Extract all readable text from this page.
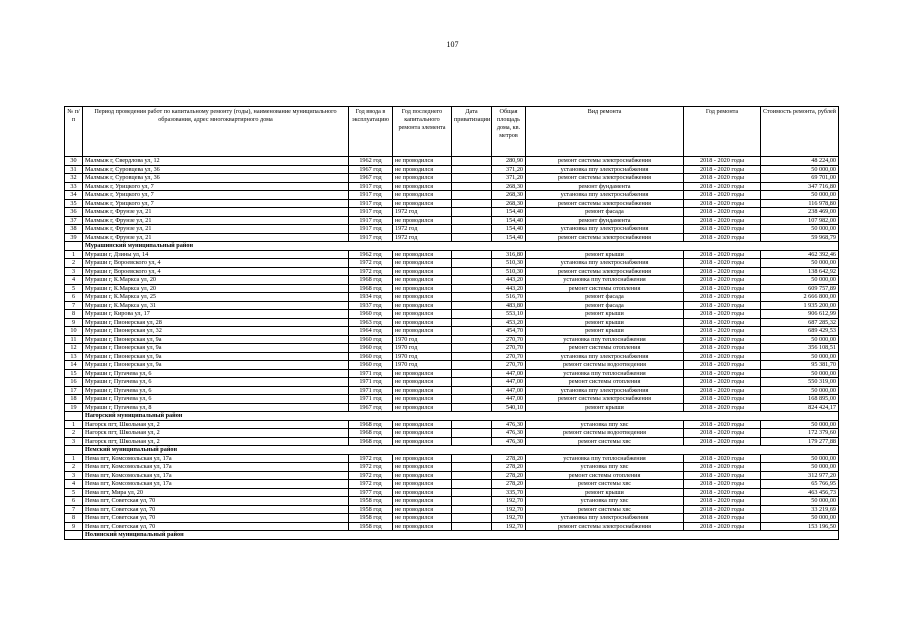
107
№ п/п	Период проведения работ по капитальному ремонту (годы), наименование муниципального образования, адрес многоквартирного дома	Год ввода в эксплуатацию	Год последнего капитального ремонта элемента	Дата приватизации	Общая площадь дома, кв. метров	Вид ремонта	Год ремонта	Стоимость ремонта, рублей
30	Малмыж г, Свердлова ул, 12	1962 год	не проводился		280,90	ремонт системы электроснабжения	2018 - 2020 годы	48 224,00
31	Малмыж г, Суровцева ул, 36	1967 год	не проводился		371,20	установка ппу электроснабжения	2018 - 2020 годы	50 000,00
32	Малмыж г, Суровцева ул, 36	1967 год	не проводился		371,20	ремонт системы электроснабжения	2018 - 2020 годы	69 701,00
33	Малмыж г, Урицкого ул, 7	1917 год	не проводился		268,30	ремонт фундамента	2018 - 2020 годы	347 716,80
34	Малмыж г, Урицкого ул, 7	1917 год	не проводился		268,30	установка ппу электроснабжения	2018 - 2020 годы	50 000,00
35	Малмыж г, Урицкого ул, 7	1917 год	не проводился		268,30	ремонт системы электроснабжения	2018 - 2020 годы	116 978,80
36	Малмыж г, Фрунзе ул, 21	1917 год	1972 год		154,40	ремонт фасада	2018 - 2020 годы	238 469,00
37	Малмыж г, Фрунзе ул, 21	1917 год	не проводился		154,40	ремонт фундамента	2018 - 2020 годы	107 982,00
38	Малмыж г, Фрунзе ул, 21	1917 год	1972 год		154,40	установка ппу электроснабжения	2018 - 2020 годы	50 000,00
39	Малмыж г, Фрунзе ул, 21	1917 год	1972 год		154,40	ремонт системы электроснабжения	2018 - 2020 годы	59 968,79
	Мурашинский муниципальный район							
1	Мураши г, Дзины ул, 14	1962 год	не проводился		316,80	ремонт крыши	2018 - 2020 годы	462 392,46
2	Мураши г, Вороевского ул, 4	1972 год	не проводился		510,30	установка ппу электроснабжения	2018 - 2020 годы	50 000,00
3	Мураши г, Вороевского ул, 4	1972 год	не проводился		510,30	ремонт системы электроснабжения	2018 - 2020 годы	138 642,92
4	Мураши г, К.Маркса ул, 20	1968 год	не проводился		443,20	установка ппу теплоснабжения	2018 - 2020 годы	50 000,00
5	Мураши г, К.Маркса ул, 20	1968 год	не проводился		443,20	ремонт системы отопления	2018 - 2020 годы	609 757,89
6	Мураши г, К.Маркса ул, 25	1934 год	не проводился		516,70	ремонт фасада	2018 - 2020 годы	2 666 800,00
7	Мураши г, К.Маркса ул, 31	1937 год	не проводился		483,80	ремонт фасада	2018 - 2020 годы	1 935 200,00
8	Мураши г, Кирова ул, 17	1960 год	не проводился		553,10	ремонт крыши	2018 - 2020 годы	906 612,99
9	Мураши г, Пионерская ул, 28	1963 год	не проводился		453,20	ремонт крыши	2018 - 2020 годы	687 285,32
10	Мураши г, Пионерская ул, 32	1964 год	не проводился		454,70	ремонт крыши	2018 - 2020 годы	689 429,53
11	Мураши г, Пионерская ул, 9а	1960 год	1970 год		270,70	установка ппу теплоснабжения	2018 - 2020 годы	50 000,00
12	Мураши г, Пионерская ул, 9а	1960 год	1970 год		270,70	ремонт системы отопления	2018 - 2020 годы	356 108,51
13	Мураши г, Пионерская ул, 9а	1960 год	1970 год		270,70	установка ппу электроснабжения	2018 - 2020 годы	50 000,00
14	Мураши г, Пионерская ул, 9а	1960 год	1970 год		270,70	ремонт системы водоотведения	2018 - 2020 годы	95 381,70
15	Мураши г, Пугачева ул, 6	1971 год	не проводился		447,00	установка ппу теплоснабжения	2018 - 2020 годы	50 000,00
16	Мураши г, Пугачева ул, 6	1971 год	не проводился		447,00	ремонт системы отопления	2018 - 2020 годы	550 319,00
17	Мураши г, Пугачева ул, 6	1971 год	не проводился		447,00	установка ппу электроснабжения	2018 - 2020 годы	50 000,00
18	Мураши г, Пугачева ул, 6	1971 год	не проводился		447,00	ремонт системы электроснабжения	2018 - 2020 годы	168 895,00
19	Мураши г, Пугачева ул, 8	1967 год	не проводился		540,10	ремонт крыши	2018 - 2020 годы	824 424,17
	Нагорский муниципальный район							
1	Нагорск пгт, Школьная ул, 2	1968 год	не проводился		476,30	установка ппу хвс	2018 - 2020 годы	50 000,00
2	Нагорск пгт, Школьная ул, 2	1968 год	не проводился		476,30	ремонт системы водоотведения	2018 - 2020 годы	172 379,60
3	Нагорск пгт, Школьная ул, 2	1968 год	не проводился		476,30	ремонт системы хвс	2018 - 2020 годы	179 277,88
	Немский муниципальный район							
1	Нема пгт, Комсомольская ул, 17а	1972 год	не проводился		278,20	установка ппу теплоснабжения	2018 - 2020 годы	50 000,00
2	Нема пгт, Комсомольская ул, 17а	1972 год	не проводился		278,20	установка ппу хвс	2018 - 2020 годы	50 000,00
3	Нема пгт, Комсомольская ул, 17а	1972 год	не проводился		278,20	ремонт системы отопления	2018 - 2020 годы	312 977,20
4	Нема пгт, Комсомольская ул, 17а	1972 год	не проводился		278,20	ремонт системы хвс	2018 - 2020 годы	65 766,95
5	Нема пгт, Мира ул, 20	1977 год	не проводился		335,70	ремонт крыши	2018 - 2020 годы	463 456,73
6	Нема пгт, Советская ул, 70	1958 год	не проводился		192,70	установка ппу хвс	2018 - 2020 годы	50 000,00
7	Нема пгт, Советская ул, 70	1958 год	не проводился		192,70	ремонт системы хвс	2018 - 2020 годы	33 219,69
8	Нема пгт, Советская ул, 70	1958 год	не проводился		192,70	установка ппу электроснабжения	2018 - 2020 годы	50 000,00
9	Нема пгт, Советская ул, 70	1958 год	не проводился		192,70	ремонт системы электроснабжения	2018 - 2020 годы	153 196,50
	Нолинский муниципальный район							
